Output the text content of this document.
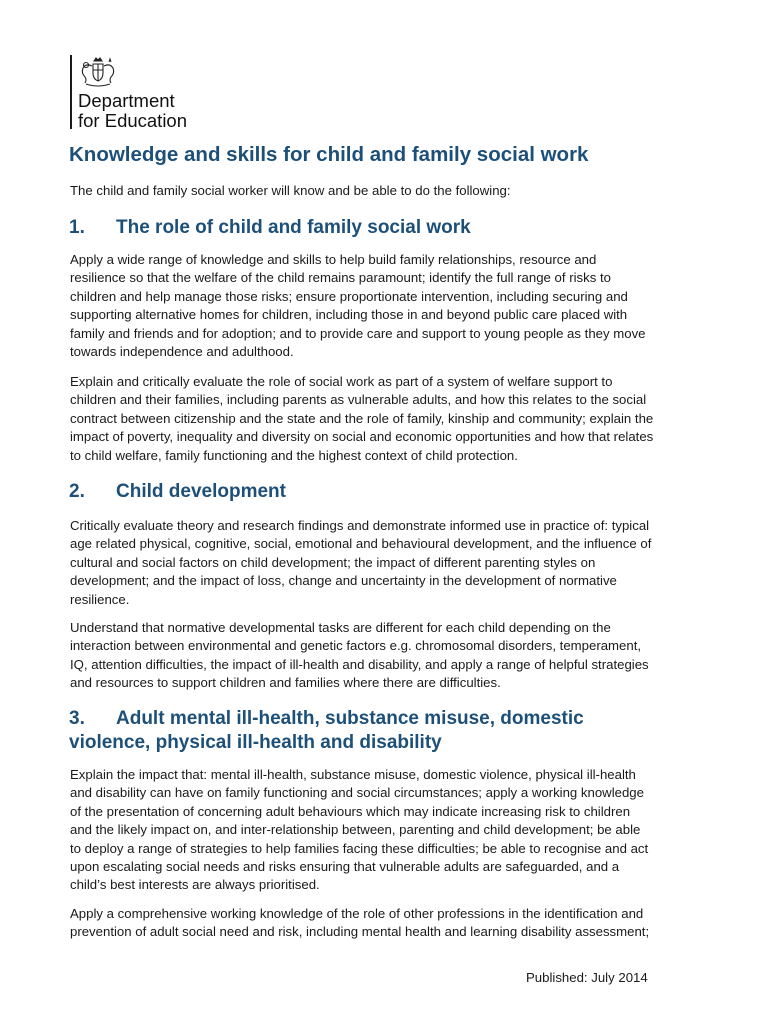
Department
for Education
Knowledge and skills for child and family social work

The child and family social worker will know and be able to do the following:

1. The role of child and family social work

Apply a wide range of knowledge and skills to help build family relationships, resource and
resilience so that the welfare of the child remains paramount; identify the full range of risks to
children and help manage those risks; ensure proportionate intervention, including securing and
supporting alternative homes for children, including those in and beyond public care placed with
family and friends and for adoption; and to provide care and support to young people as they move
towards independence and adulthood.

Explain and critically evaluate the role of social work as part of a system of welfare support to
children and their families, including parents as vulnerable adults, and how this relates to the social
contract between citizenship and the state and the role of family, kinship and community; explain the
impact of poverty, inequality and diversity on social and economic opportunities and how that relates
to child welfare, family functioning and the highest context of child protection.

2. Child development

Critically evaluate theory and research findings and demonstrate informed use in practice of: typical
age related physical, cognitive, social, emotional and behavioural development, and the influence of
cultural and social factors on child development; the impact of different parenting styles on
development; and the impact of loss, change and uncertainty in the development of normative
resilience.

Understand that normative developmental tasks are different for each child depending on the
interaction between environmental and genetic factors e.g. chromosomal disorders, temperament,
IQ, attention difficulties, the impact of ill-health and disability, and apply a range of helpful strategies
and resources to support children and families where there are difficulties.

3. Adult mental ill-health, substance misuse, domestic
violence, physical ill-health and disability

Explain the impact that: mental ill-health, substance misuse, domestic violence, physical ill-health
and disability can have on family functioning and social circumstances; apply a working knowledge
of the presentation of concerning adult behaviours which may indicate increasing risk to children
and the likely impact on, and inter-relationship between, parenting and child development; be able
to deploy a range of strategies to help families facing these difficulties; be able to recognise and act
upon escalating social needs and risks ensuring that vulnerable adults are safeguarded, and a
child’s best interests are always prioritised.

Apply a comprehensive working knowledge of the role of other professions in the identification and
prevention of adult social need and risk, including mental health and learning disability assessment;

Published: July 2014
